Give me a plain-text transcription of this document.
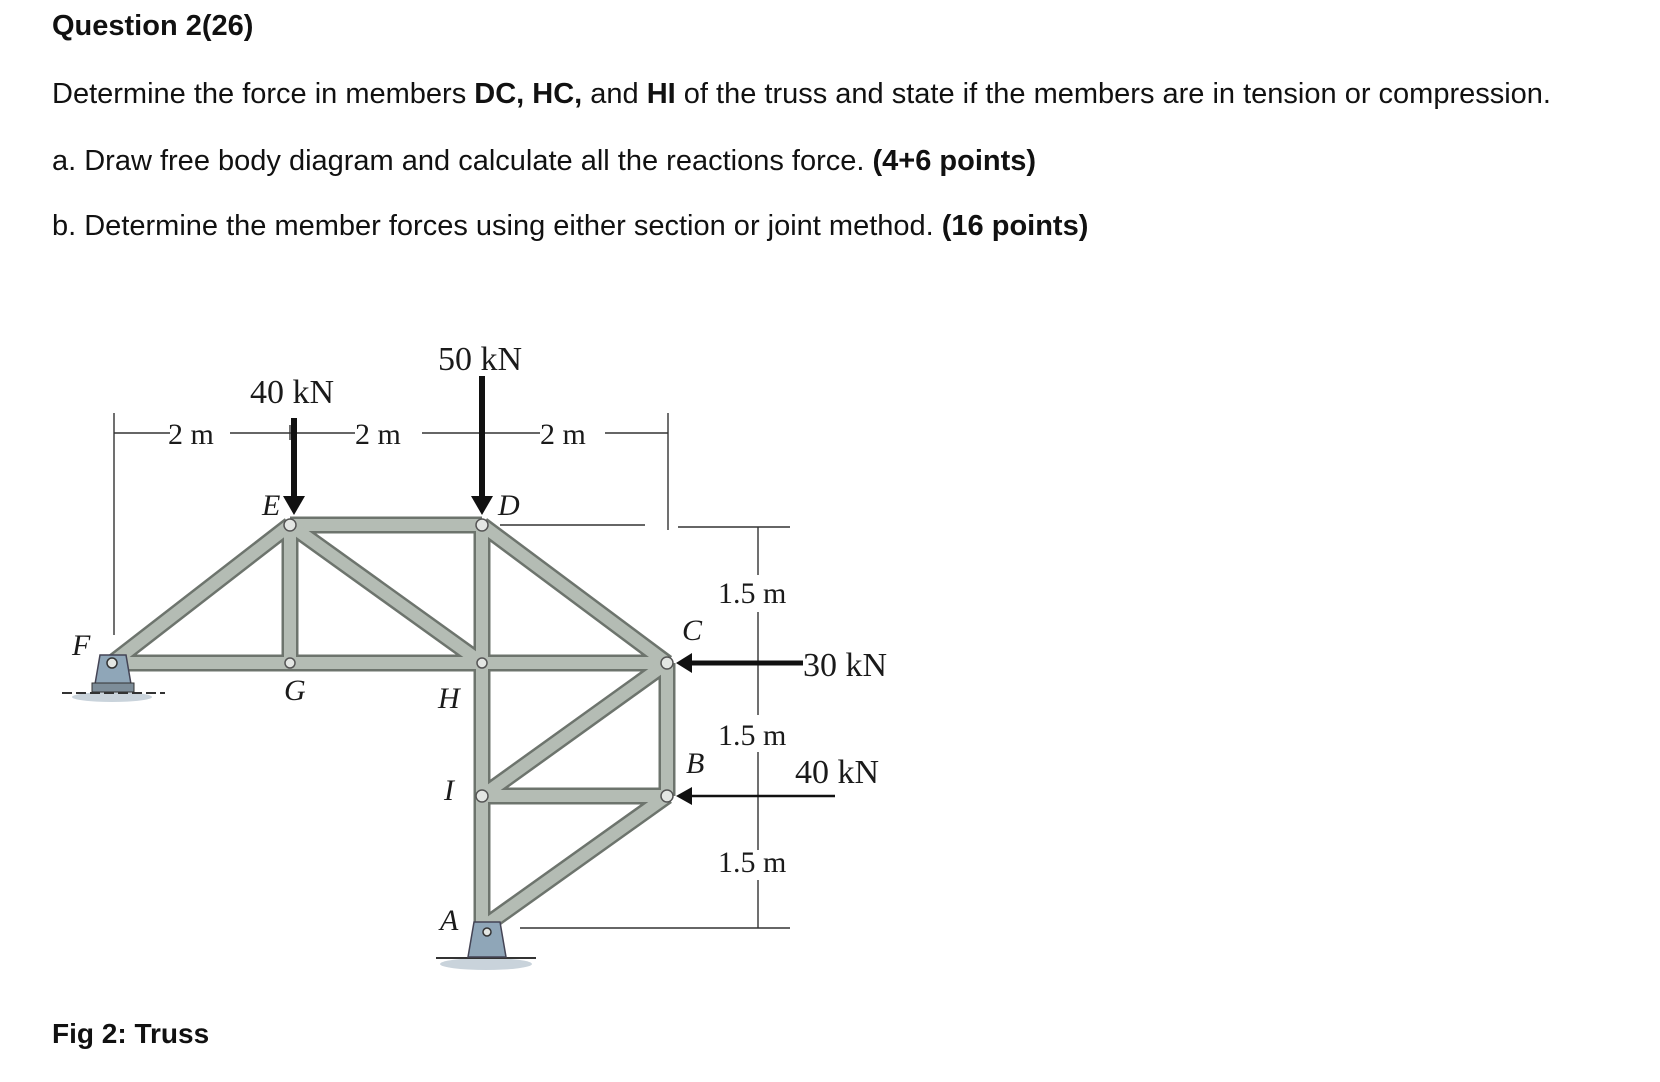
Question 2(26)
Determine the force in members DC, HC, and HI of the truss and state if the members are in tension or compression.
a. Draw free body diagram and calculate all the reactions force. (4+6 points)
b. Determine the member forces using either section or joint method. (16 points)
2 m	2 m	2 m
1.5 m
1.5 m
1.5 m
40 kN
50 kN
30 kN
40 kN
E	D
F
G	H
C
B
I
A
Fig 2: Truss
